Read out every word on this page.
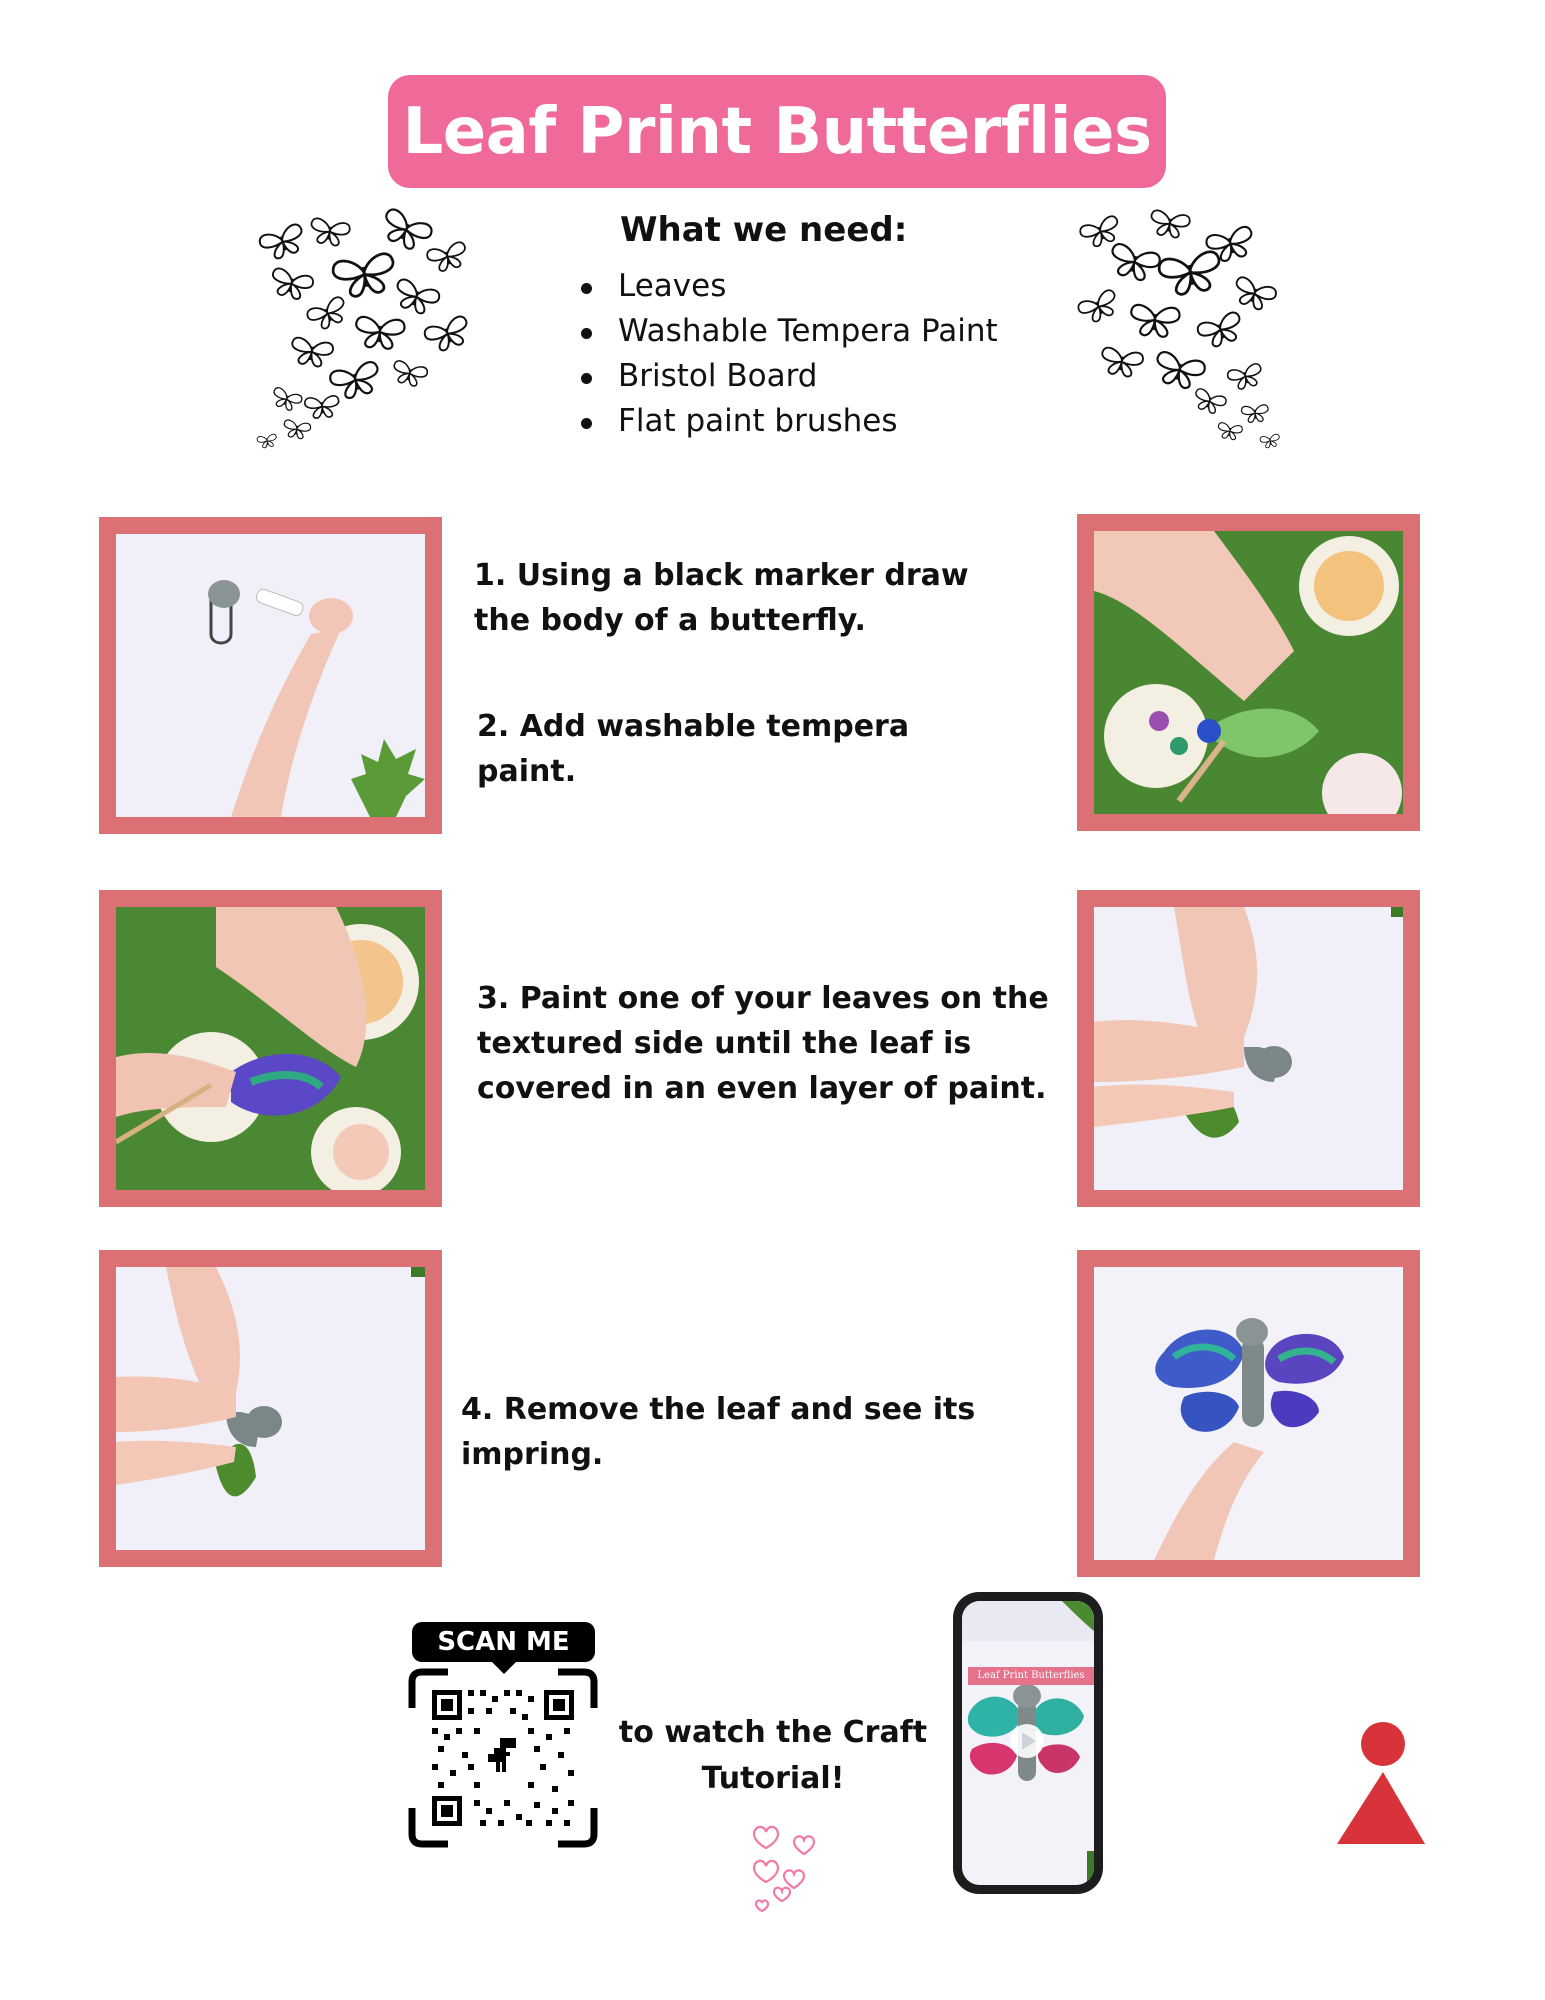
Leaf Print Butterflies
What we need:
Leaves
Washable Tempera Paint
Bristol Board
Flat paint brushes
1. Using a black marker draw the body of a butterfly.
2. Add washable tempera paint.
3. Paint one of your leaves on the textured side until the leaf is covered in an even layer of paint.
4. Remove the leaf and see its impring.
SCAN ME
to watch the Craft Tutorial!
Leaf Print Butterflies
